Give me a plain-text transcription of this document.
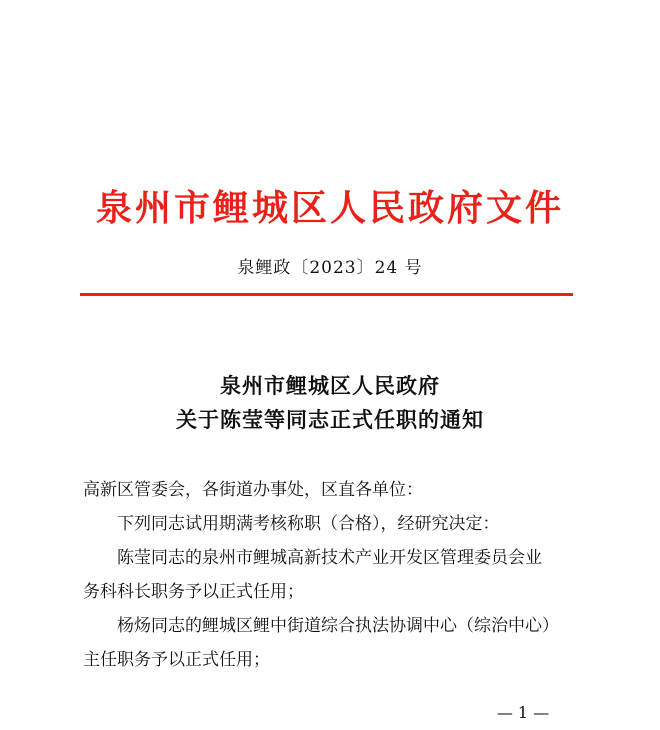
泉州市鲤城区人民政府文件
泉鲤政〔2023〕24 号
泉州市鲤城区人民政府
关于陈莹等同志正式任职的通知
高新区管委会，各街道办事处，区直各单位：
下列同志试用期满考核称职（合格），经研究决定：
陈莹同志的泉州市鲤城高新技术产业开发区管理委员会业
务科科长职务予以正式任用；
杨炀同志的鲤城区鲤中街道综合执法协调中心（综治中心）
主任职务予以正式任用；
— 1 —
